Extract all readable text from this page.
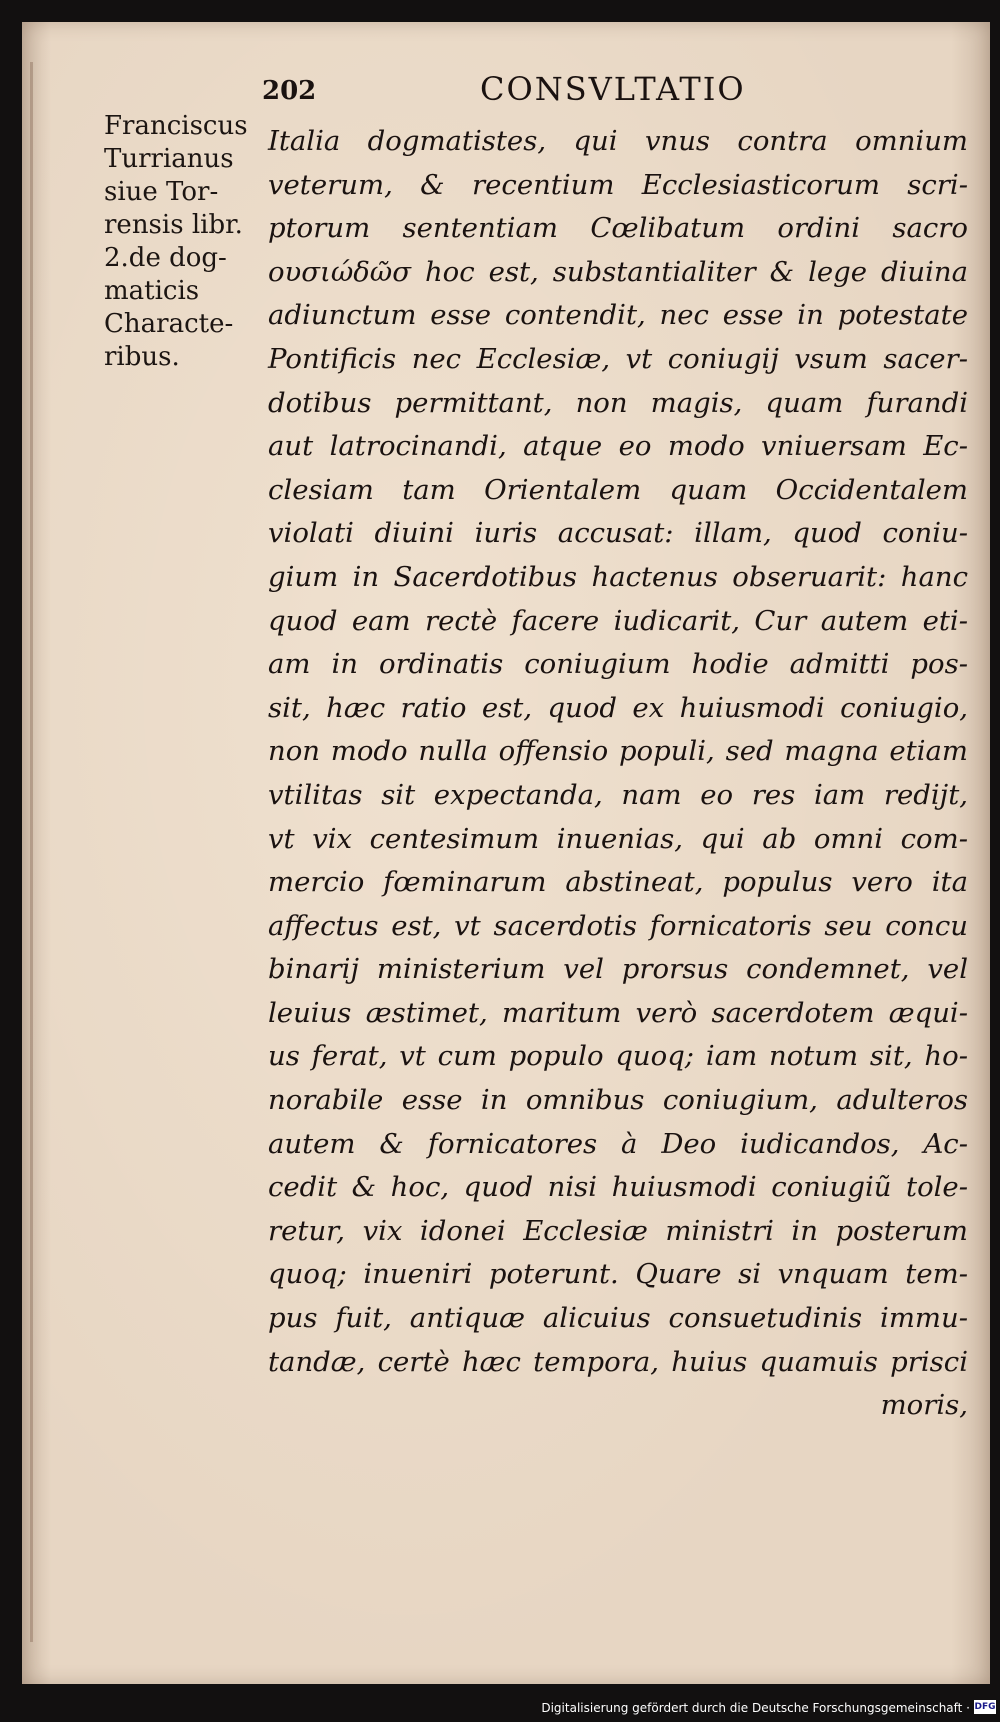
202	CONSVLTATIO
Franciscus
Turrianus
siue Tor-
rensis libr.
2.de dog-
maticis
Characte-
ribus.
Italia dogmatistes, qui vnus contra omnium
veterum, & recentium Ecclesiasticorum scri-
ptorum sententiam Cœlibatum ordini sacro
ουσιώδῶσ hoc est, substantialiter & lege diuina
adiunctum esse contendit, nec esse in potestate
Pontificis nec Ecclesiæ, vt coniugij vsum sacer-
dotibus permittant, non magis, quam furandi
aut latrocinandi, atque eo modo vniuersam Ec-
clesiam tam Orientalem quam Occidentalem
violati diuini iuris accusat: illam, quod coniu-
gium in Sacerdotibus hactenus obseruarit: hanc
quod eam rectè facere iudicarit, Cur autem eti-
am in ordinatis coniugium hodie admitti pos-
sit, hæc ratio est, quod ex huiusmodi coniugio,
non modo nulla offensio populi, sed magna etiam
vtilitas sit expectanda, nam eo res iam redijt,
vt vix centesimum inuenias, qui ab omni com-
mercio fœminarum abstineat, populus vero ita
affectus est, vt sacerdotis fornicatoris seu concu
binarij ministerium vel prorsus condemnet, vel
leuius æstimet, maritum verò sacerdotem æqui-
us ferat, vt cum populo quoq; iam notum sit, ho-
norabile esse in omnibus coniugium, adulteros
autem & fornicatores à Deo iudicandos, Ac-
cedit & hoc, quod nisi huiusmodi coniugiũ tole-
retur, vix idonei Ecclesiæ ministri in posterum
quoq; inueniri poterunt. Quare si vnquam tem-
pus fuit, antiquæ alicuius consuetudinis immu-
tandæ, certè hæc tempora, huius quamuis prisci
moris,
Digitalisierung gefördert durch die Deutsche Forschungsgemeinschaft · DFG
